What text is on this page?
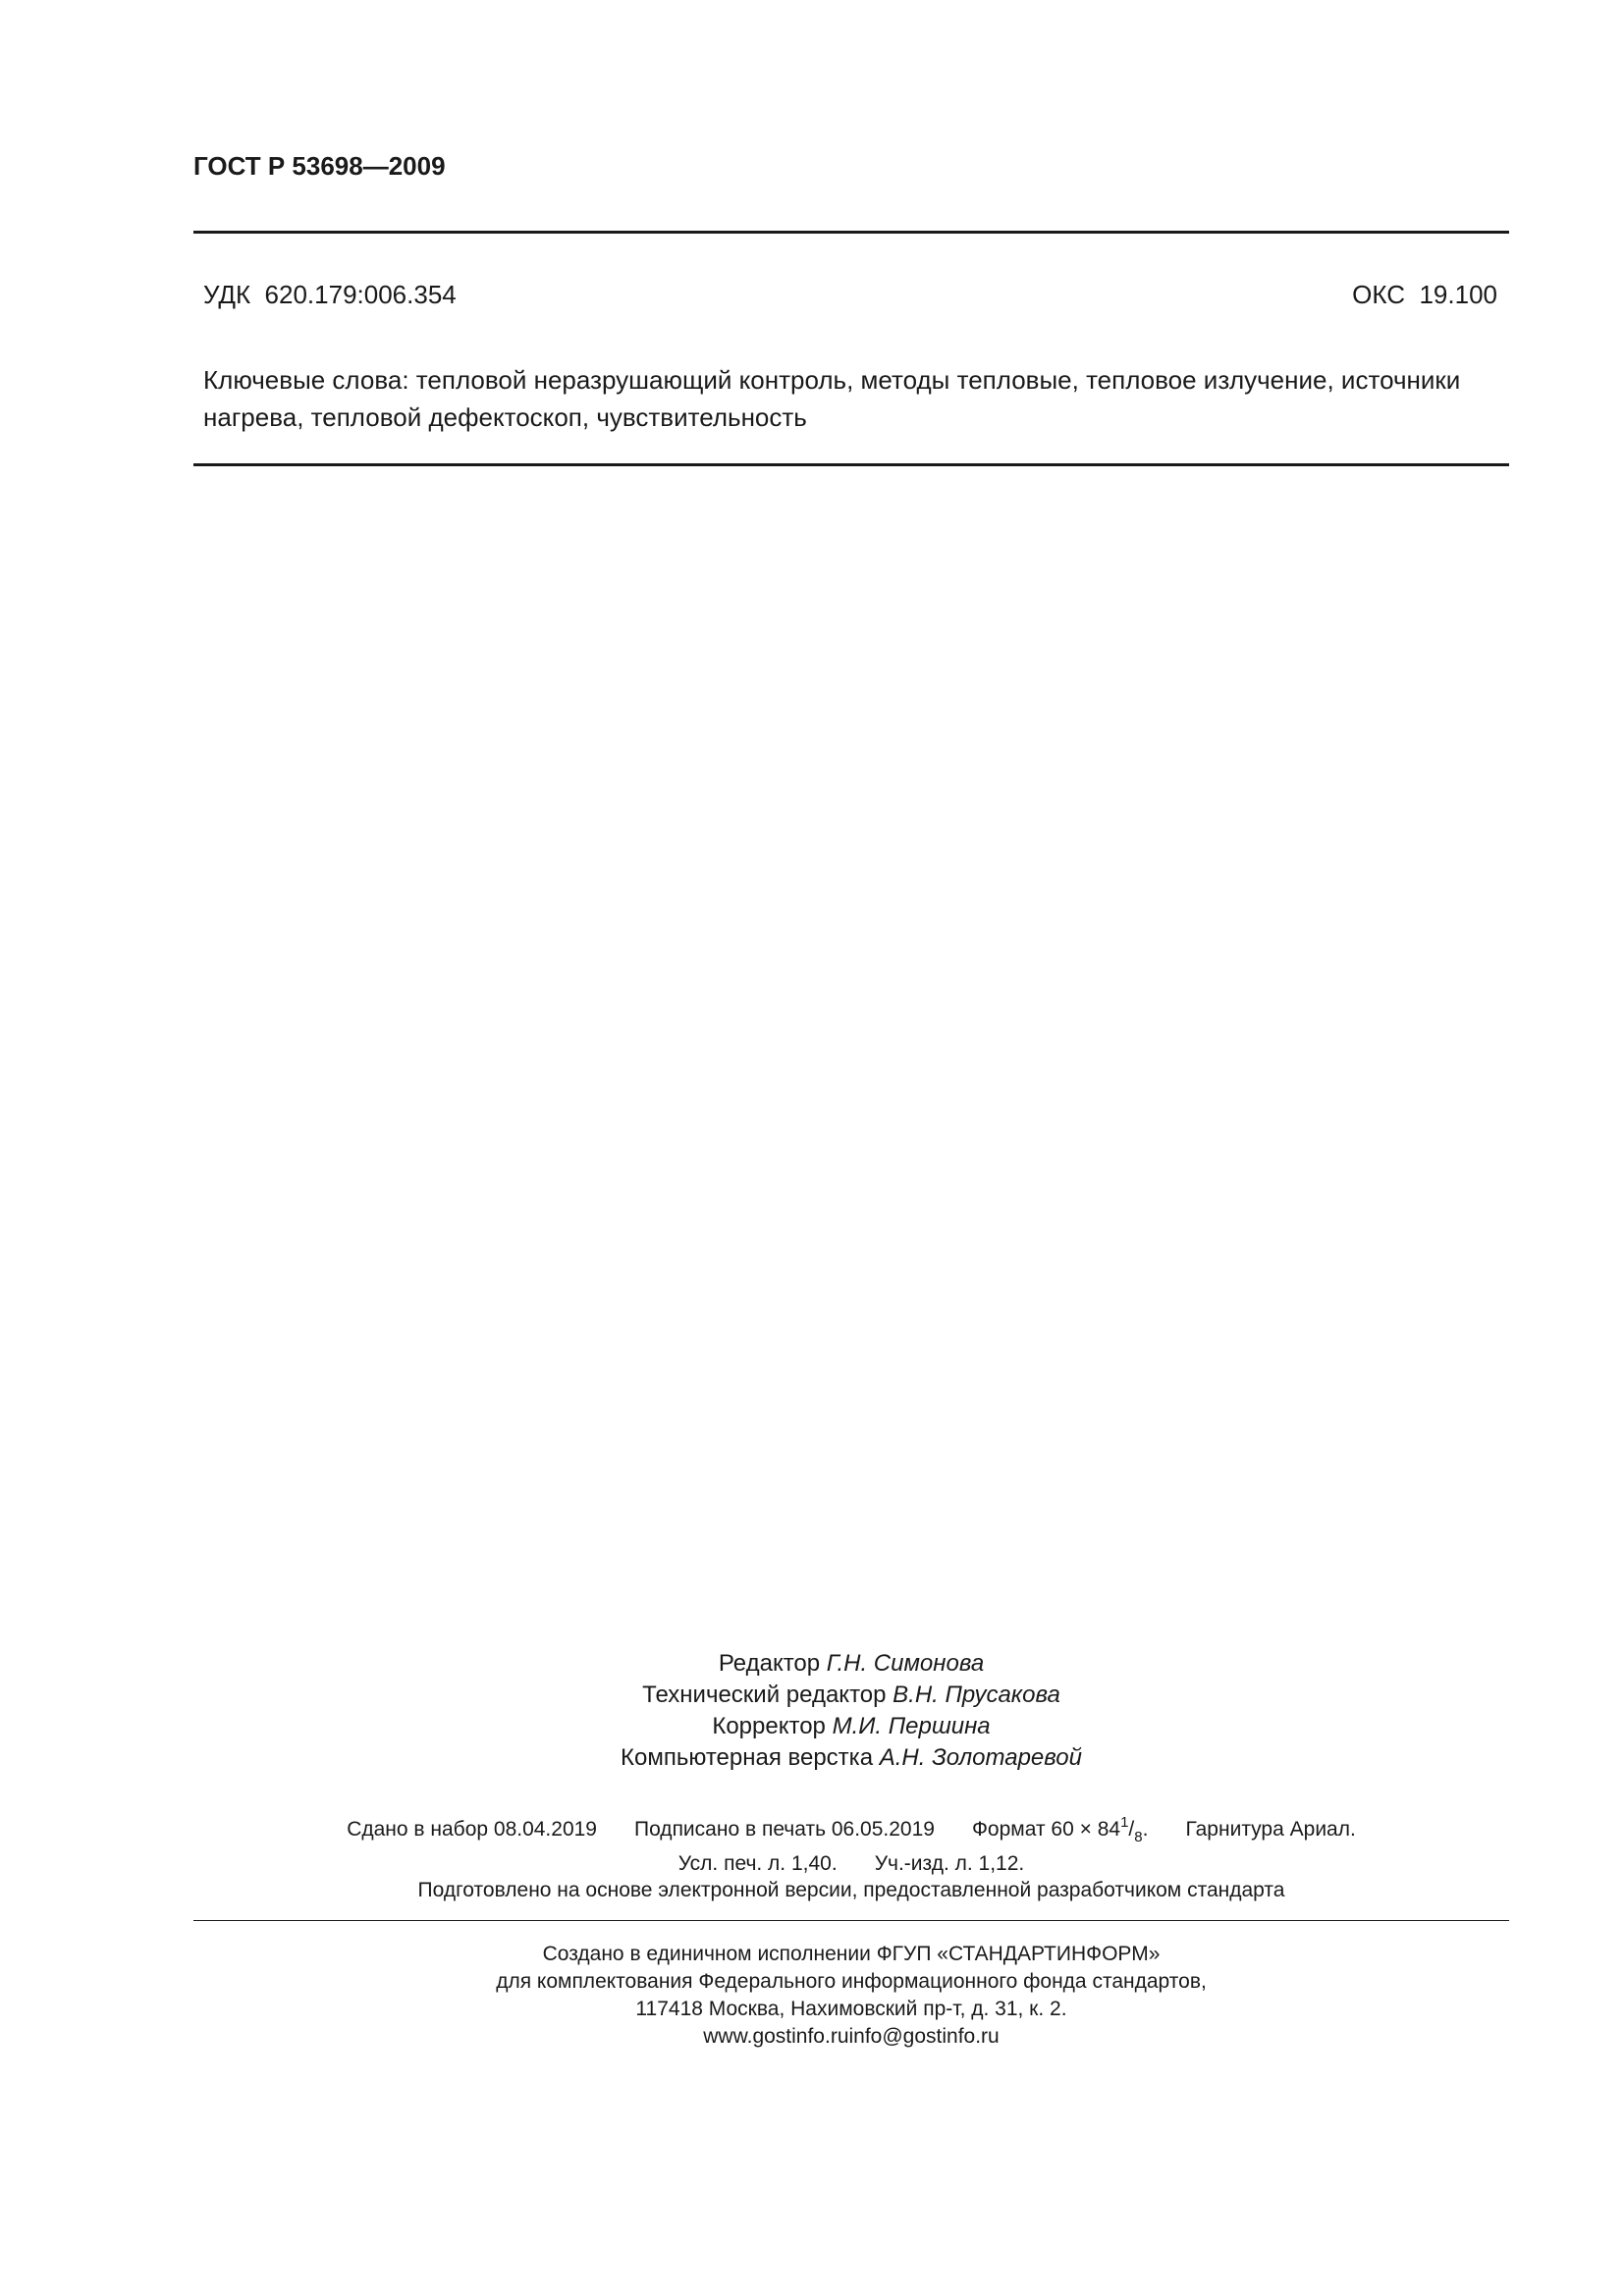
ГОСТ Р 53698—2009
УДК  620.179:006.354	ОКС  19.100
Ключевые слова: тепловой неразрушающий контроль, методы тепловые, тепловое излучение, источники нагрева, тепловой дефектоскоп, чувствительность
Редактор Г.Н. Симонова
Технический редактор В.Н. Прусакова
Корректор М.И. Першина
Компьютерная верстка А.Н. Золотаревой
Сдано в набор 08.04.2019 Подписано в печать 06.05.2019 Формат $60 \times 84^1/_8$. Гарнитура Ариал.
Усл. печ. л. 1,40. Уч.-изд. л. 1,12.
Подготовлено на основе электронной версии, предоставленной разработчиком стандарта
Создано в единичном исполнении ФГУП «СТАНДАРТИНФОРМ»
для комплектования Федерального информационного фонда стандартов,
117418 Москва, Нахимовский пр-т, д. 31, к. 2.
www.gostinfo.ruinfo@gostinfo.ru
